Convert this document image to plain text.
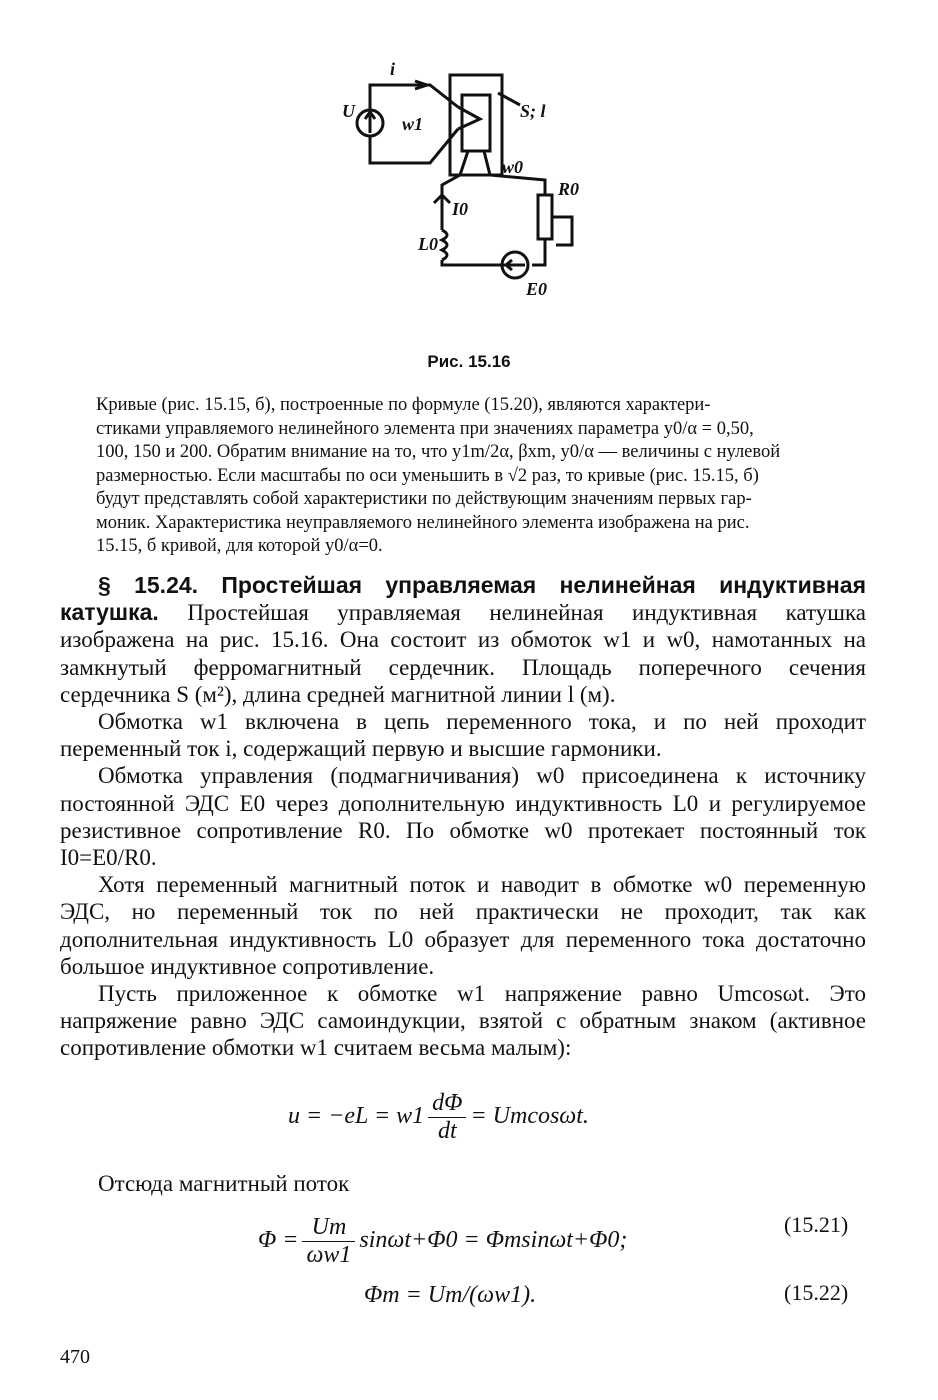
i
U
w1
S; l
w0
R0
I0
L0
E0
Рис. 15.16

Кривые (рис. 15.15, б), построенные по формуле (15.20), являются характери-

стиками управляемого нелинейного элемента при значениях параметра y0/α = 0,50,

100, 150 и 200. Обратим внимание на то, что y1m/2α, βxm, y0/α — величины с нулевой

размерностью. Если масштабы по оси уменьшить в √2 раз, то кривые (рис. 15.15, б)

будут представлять собой характеристики по действующим значениям первых гар-

моник. Характеристика неуправляемого нелинейного элемента изображена на рис.

15.15, б кривой, для которой y0/α=0.

§ 15.24. Простейшая управляемая нелинейная индуктивная катушка. Простейшая управляемая нелинейная индуктивная катушка изображена на рис. 15.16. Она состоит из обмоток w1 и w0, намотанных на замкнутый ферромагнитный сердечник. Площадь поперечного сечения сердечника S (м²), длина средней магнитной линии l (м).

Обмотка w1 включена в цепь переменного тока, и по ней проходит переменный ток i, содержащий первую и высшие гармоники.

Обмотка управления (подмагничивания) w0 присоединена к источнику постоянной ЭДС E0 через дополнительную индуктивность L0 и регулируемое резистивное сопротивление R0. По обмотке w0 протекает постоянный ток I0=E0/R0.

Хотя переменный магнитный поток и наводит в обмотке w0 переменную ЭДС, но переменный ток по ней практически не проходит, так как дополнительная индуктивность L0 образует для переменного тока достаточно большое индуктивное сопротивление.

Пусть приложенное к обмотке w1 напряжение равно Umcosωt. Это напряжение равно ЭДС самоиндукции, взятой с обратным знаком (активное сопротивление обмотки w1 считаем весьма малым):

$u = -eL = w1 \frac{d\Phi}{dt} = Umcos\omega t$.
Отсюда магнитный поток
$\Phi = \frac{Um}{\omega w1} \sin\omega t+\Phi 0 = \Phi msin\omega t+\Phi 0$;
(15.21)
Φm = Um/(ωw1).	(15.22)
470
